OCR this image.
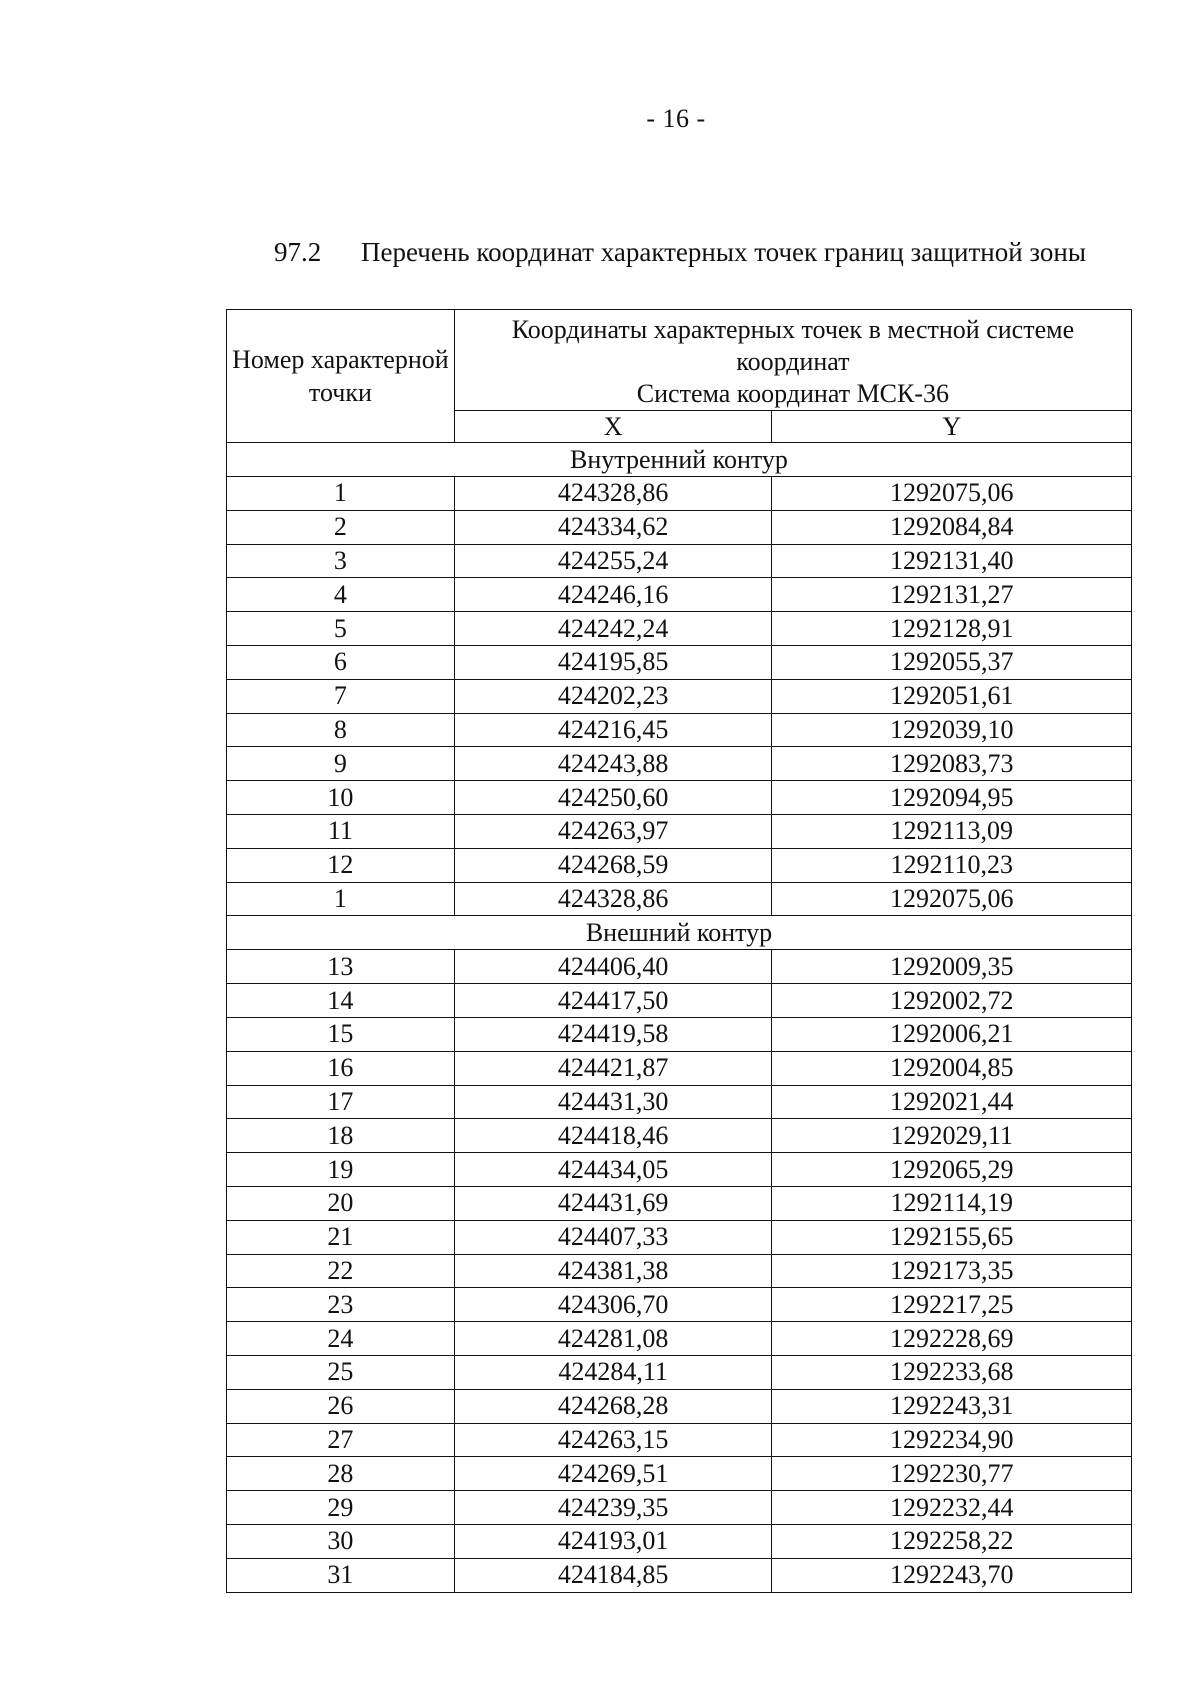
- 16 -
97.2 Перечень координат характерных точек границ защитной зоны
Номер характерной точки	Координаты характерных точек в местной системе
координат
Система координат МСК-36	

	X	Y
Внутренний контур		
1	424328,86	1292075,06
2	424334,62	1292084,84
3	424255,24	1292131,40
4	424246,16	1292131,27
5	424242,24	1292128,91
6	424195,85	1292055,37
7	424202,23	1292051,61
8	424216,45	1292039,10
9	424243,88	1292083,73
10	424250,60	1292094,95
11	424263,97	1292113,09
12	424268,59	1292110,23
1	424328,86	1292075,06
Внешний контур		
13	424406,40	1292009,35
14	424417,50	1292002,72
15	424419,58	1292006,21
16	424421,87	1292004,85
17	424431,30	1292021,44
18	424418,46	1292029,11
19	424434,05	1292065,29
20	424431,69	1292114,19
21	424407,33	1292155,65
22	424381,38	1292173,35
23	424306,70	1292217,25
24	424281,08	1292228,69
25	424284,11	1292233,68
26	424268,28	1292243,31
27	424263,15	1292234,90
28	424269,51	1292230,77
29	424239,35	1292232,44
30	424193,01	1292258,22
31	424184,85	1292243,70
